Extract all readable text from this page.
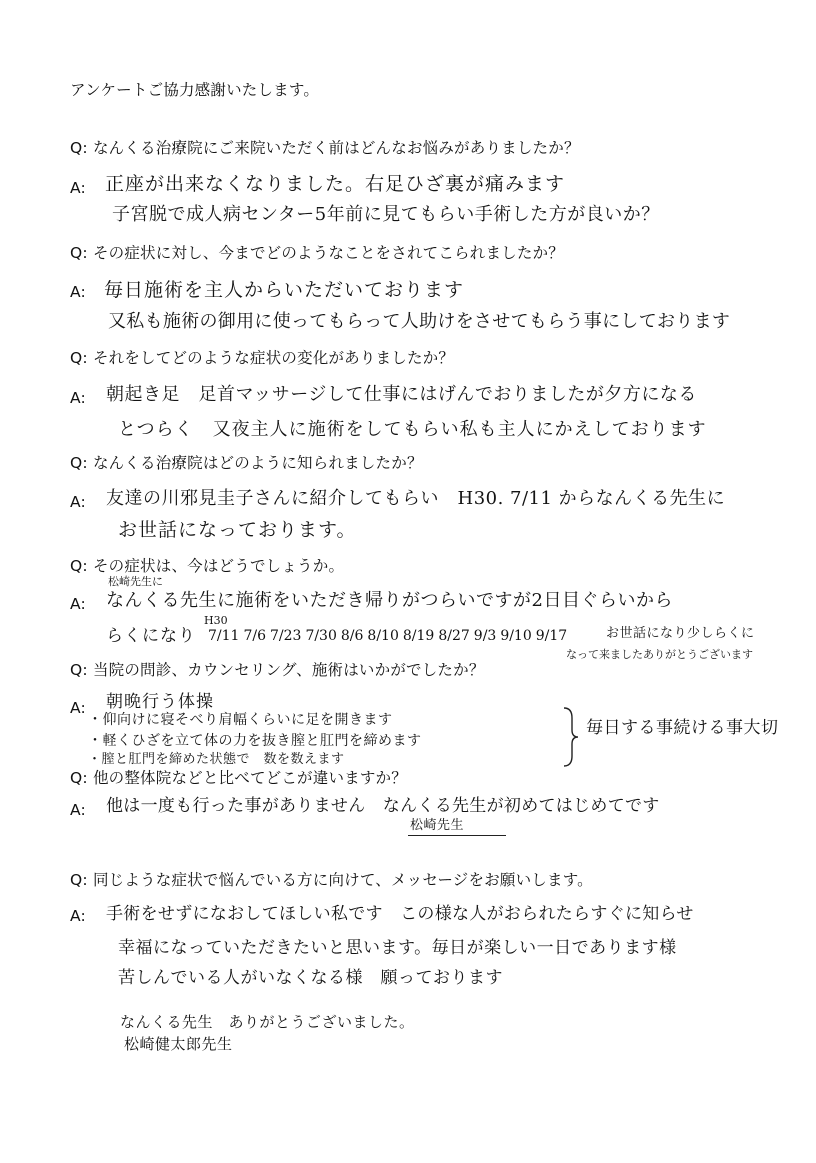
アンケートご協力感謝いたします。
Q: なんくる治療院にご来院いただく前はどんなお悩みがありましたか？
A: 正座が出来なくなりました。右足ひざ裏が痛みます
子宮脱で成人病センター5年前に見てもらい手術した方が良いか？
Q: その症状に対し、今までどのようなことをされてこられましたか？
A: 毎日施術を主人からいただいております
又私も施術の御用に使ってもらって人助けをさせてもらう事にしております
Q: それをしてどのような症状の変化がありましたか？
A: 朝起き足　足首マッサージして仕事にはげんでおりましたが夕方になる
とつらく　又夜主人に施術をしてもらい私も主人にかえしております
Q: なんくる治療院はどのように知られましたか？
A: 友達の川邪見圭子さんに紹介してもらい　H30. 7/11 からなんくる先生に
お世話になっております。
Q: その症状は、今はどうでしょうか。
松崎先生に
A: なんくる先生に施術をいただき帰りがつらいですが2日目ぐらいから
らくになり
H30
7/11 7/6 7/23 7/30 8/6 8/10 8/19 8/27 9/3 9/10 9/17	お世話になり少しらくに
なって来ましたありがとうございます
Q: 当院の問診、カウンセリング、施術はいかがでしたか？
A: 朝晩行う体操
・仰向けに寝そべり肩幅くらいに足を開きます
・軽くひざを立て体の力を抜き膣と肛門を締めます
・膣と肛門を締めた状態で　数を数えます
毎日する事続ける事大切
Q: 他の整体院などと比べてどこが違いますか？
A: 他は一度も行った事がありません　なんくる先生が初めてはじめてです
松崎先生
Q: 同じような症状で悩んでいる方に向けて、メッセージをお願いします。
A: 手術をせずになおしてほしい私です　この様な人がおられたらすぐに知らせ
幸福になっていただきたいと思います。毎日が楽しい一日であります様
苦しんでいる人がいなくなる様　願っております
なんくる先生　ありがとうございました。
松崎健太郎先生
